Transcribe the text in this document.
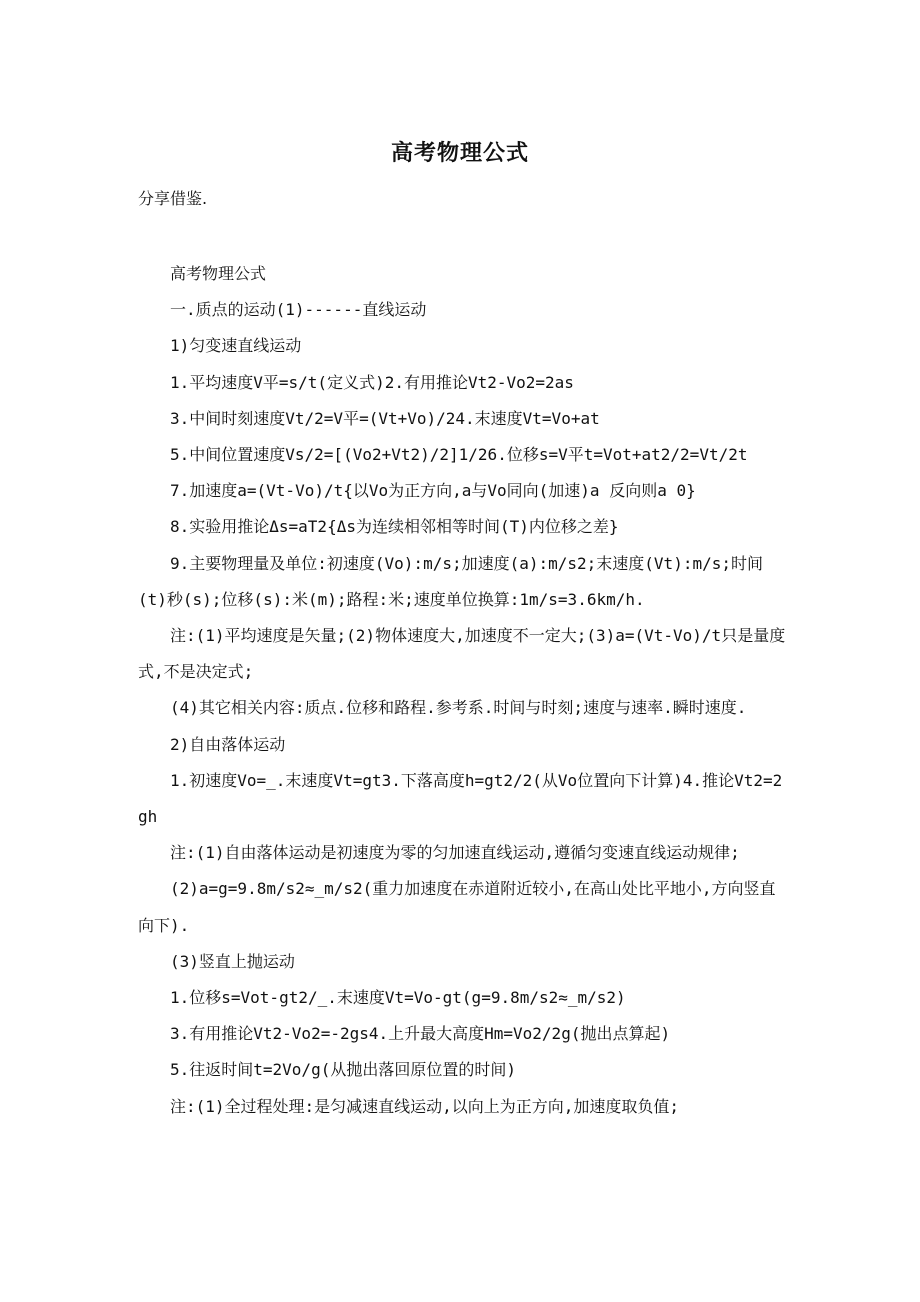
高考物理公式
分享借鉴.

高考物理公式

一.质点的运动(1)------直线运动

1)匀变速直线运动

1.平均速度V平=s/t(定义式)2.有用推论Vt2-Vo2=2as

3.中间时刻速度Vt/2=V平=(Vt+Vo)/24.末速度Vt=Vo+at

5.中间位置速度Vs/2=[(Vo2+Vt2)/2]1/26.位移s=V平t=Vot+at2/2=Vt/2t

7.加速度a=(Vt-Vo)/t{以Vo为正方向,a与Vo同向(加速)a 反向则a 0}

8.实验用推论Δs=aT2{Δs为连续相邻相等时间(T)内位移之差}

9.主要物理量及单位:初速度(Vo):m/s;加速度(a):m/s2;末速度(Vt):m/s;时间(t)秒(s);位移(s):米(m);路程:米;速度单位换算:1m/s=3.6km/h.

注:(1)平均速度是矢量;(2)物体速度大,加速度不一定大;(3)a=(Vt-Vo)/t只是量度式,不是决定式;

(4)其它相关内容:质点.位移和路程.参考系.时间与时刻;速度与速率.瞬时速度.

2)自由落体运动

1.初速度Vo=_.末速度Vt=gt3.下落高度h=gt2/2(从Vo位置向下计算)4.推论Vt2=2gh

注:(1)自由落体运动是初速度为零的匀加速直线运动,遵循匀变速直线运动规律;

(2)a=g=9.8m/s2≈_m/s2(重力加速度在赤道附近较小,在高山处比平地小,方向竖直向下).

(3)竖直上抛运动

1.位移s=Vot-gt2/_.末速度Vt=Vo-gt(g=9.8m/s2≈_m/s2)

3.有用推论Vt2-Vo2=-2gs4.上升最大高度Hm=Vo2/2g(抛出点算起)

5.往返时间t=2Vo/g(从抛出落回原位置的时间)

注:(1)全过程处理:是匀减速直线运动,以向上为正方向,加速度取负值;
